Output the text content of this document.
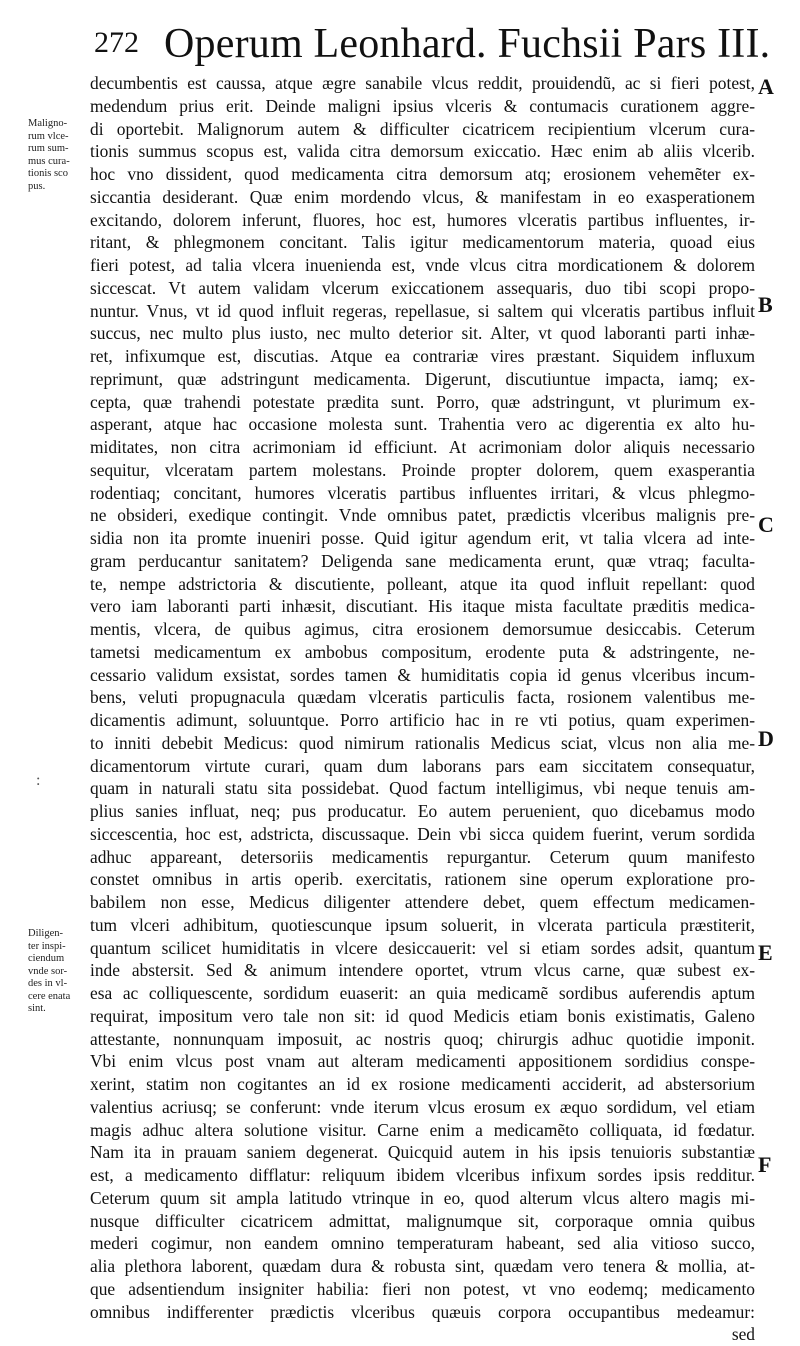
272 Operum Leonhard. Fuchsii Pars III.
Maligno-
rum vlce-
rum sum-
mus cura-
tionis sco
pus.
:
Diligen-
ter inspi-
ciendum
vnde sor-
des in vl-
cere enata
sint.
decumbentis est caussa, atque ægre sanabile vlcus reddit, prouidendũ, ac si fieri potest,
medendum prius erit. Deinde maligni ipsius vlceris & contumacis curationem aggre-
di oportebit. Malignorum autem & difficulter cicatricem recipientium vlcerum cura-
tionis summus scopus est, valida citra demorsum exiccatio. Hæc enim ab aliis vlcerib.
hoc vno dissident, quod medicamenta citra demorsum atq; erosionem vehemẽter ex-
siccantia desiderant. Quæ enim mordendo vlcus, & manifestam in eo exasperationem
excitando, dolorem inferunt, fluores, hoc est, humores vlceratis partibus influentes, ir-
ritant, & phlegmonem concitant. Talis igitur medicamentorum materia, quoad eius
fieri potest, ad talia vlcera inuenienda est, vnde vlcus citra mordicationem & dolorem
siccescat. Vt autem validam vlcerum exiccationem assequaris, duo tibi scopi propo-
nuntur. Vnus, vt id quod influit regeras, repellasue, si saltem qui vlceratis partibus influit
succus, nec multo plus iusto, nec multo deterior sit. Alter, vt quod laboranti parti inhæ-
ret, infixumque est, discutias. Atque ea contrariæ vires præstant. Siquidem influxum
reprimunt, quæ adstringunt medicamenta. Digerunt, discutiuntue impacta, iamq; ex-
cepta, quæ trahendi potestate prædita sunt. Porro, quæ adstringunt, vt plurimum ex-
asperant, atque hac occasione molesta sunt. Trahentia vero ac digerentia ex alto hu-
miditates, non citra acrimoniam id efficiunt. At acrimoniam dolor aliquis necessario
sequitur, vlceratam partem molestans. Proinde propter dolorem, quem exasperantia
rodentiaq; concitant, humores vlceratis partibus influentes irritari, & vlcus phlegmo-
ne obsideri, exedique contingit. Vnde omnibus patet, prædictis vlceribus malignis pre-
sidia non ita promte inueniri posse. Quid igitur agendum erit, vt talia vlcera ad inte-
gram perducantur sanitatem? Deligenda sane medicamenta erunt, quæ vtraq; faculta-
te, nempe adstrictoria & discutiente, polleant, atque ita quod influit repellant: quod
vero iam laboranti parti inhæsit, discutiant. His itaque mista facultate præditis medica-
mentis, vlcera, de quibus agimus, citra erosionem demorsumue desiccabis. Ceterum
tametsi medicamentum ex ambobus compositum, erodente puta & adstringente, ne-
cessario validum exsistat, sordes tamen & humiditatis copia id genus vlceribus incum-
bens, veluti propugnacula quædam vlceratis particulis facta, rosionem valentibus me-
dicamentis adimunt, soluuntque. Porro artificio hac in re vti potius, quam experimen-
to inniti debebit Medicus: quod nimirum rationalis Medicus sciat, vlcus non alia me-
dicamentorum virtute curari, quam dum laborans pars eam siccitatem consequatur,
quam in naturali statu sita possidebat. Quod factum intelligimus, vbi neque tenuis am-
plius sanies influat, neq; pus producatur. Eo autem peruenient, quo dicebamus modo
siccescentia, hoc est, adstricta, discussaque. Dein vbi sicca quidem fuerint, verum sordida
adhuc appareant, detersoriis medicamentis repurgantur. Ceterum quum manifesto
constet omnibus in artis operib. exercitatis, rationem sine operum exploratione pro-
babilem non esse, Medicus diligenter attendere debet, quem effectum medicamen-
tum vlceri adhibitum, quotiescunque ipsum soluerit, in vlcerata particula præstiterit,
quantum scilicet humiditatis in vlcere desiccauerit: vel si etiam sordes adsit, quantum
inde abstersit. Sed & animum intendere oportet, vtrum vlcus carne, quæ subest ex-
esa ac colliquescente, sordidum euaserit: an quia medicamẽ sordibus auferendis aptum
requirat, impositum vero tale non sit: id quod Medicis etiam bonis existimatis, Galeno
attestante, nonnunquam imposuit, ac nostris quoq; chirurgis adhuc quotidie imponit.
Vbi enim vlcus post vnam aut alteram medicamenti appositionem sordidius conspe-
xerint, statim non cogitantes an id ex rosione medicamenti acciderit, ad abstersorium
valentius acriusq; se conferunt: vnde iterum vlcus erosum ex æquo sordidum, vel etiam
magis adhuc altera solutione visitur. Carne enim a medicamẽto colliquata, id fœdatur.
Nam ita in prauam saniem degenerat. Quicquid autem in his ipsis tenuioris substantiæ
est, a medicamento difflatur: reliquum ibidem vlceribus infixum sordes ipsis redditur.
Ceterum quum sit ampla latitudo vtrinque in eo, quod alterum vlcus altero magis mi-
nusque difficulter cicatricem admittat, malignumque sit, corporaque omnia quibus
mederi cogimur, non eandem omnino temperaturam habeant, sed alia vitioso succo,
alia plethora laborent, quædam dura & robusta sint, quædam vero tenera & mollia, at-
que adsentiendum insigniter habilia: fieri non potest, vt vno eodemq; medicamento
omnibus indifferenter prædictis vlceribus quæuis corpora occupantibus medeamur:
sed
A
B
C
D
E
F
